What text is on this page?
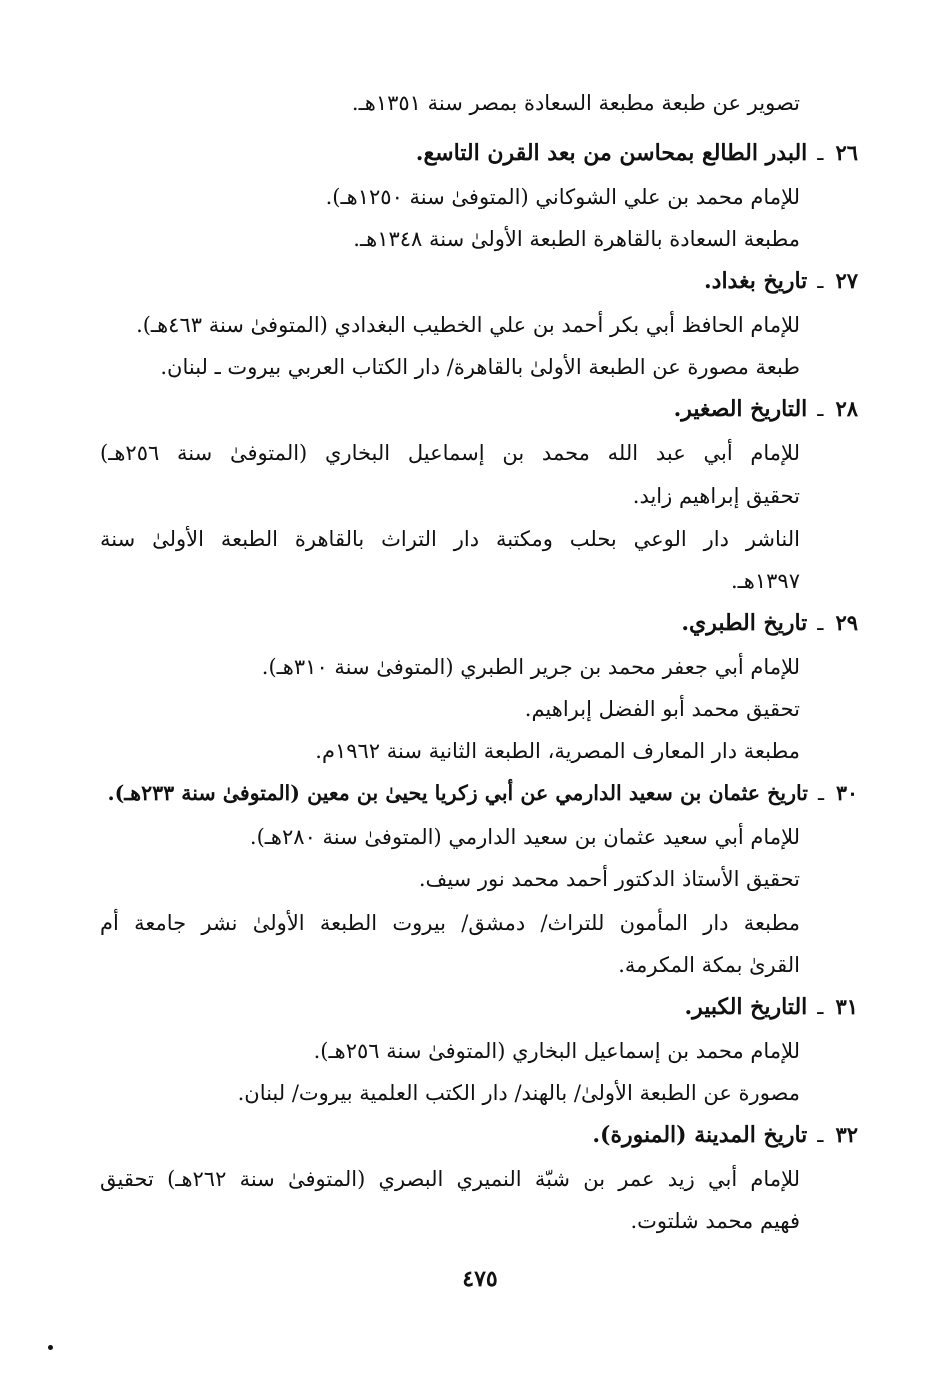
تصوير عن طبعة مطبعة السعادة بمصر سنة ١٣٥١هـ.
٢٦ـالبدر الطالع بمحاسن من بعد القرن التاسع.
للإمام محمد بن علي الشوكاني (المتوفىٰ سنة ١٢٥٠هـ).
مطبعة السعادة بالقاهرة الطبعة الأولىٰ سنة ١٣٤٨هـ.
٢٧ـتاريخ بغداد.
للإمام الحافظ أبي بكر أحمد بن علي الخطيب البغدادي (المتوفىٰ سنة ٤٦٣هـ).
طبعة مصورة عن الطبعة الأولىٰ بالقاهرة/ دار الكتاب العربي بيروت ـ لبنان.
٢٨ـالتاريخ الصغير.
للإمام أبي عبد الله محمد بن إسماعيل البخاري (المتوفىٰ سنة ٢٥٦هـ)
تحقيق إبراهيم زايد.
الناشر دار الوعي بحلب ومكتبة دار التراث بالقاهرة الطبعة الأولىٰ سنة
١٣٩٧هـ.
٢٩ـتاريخ الطبري.
للإمام أبي جعفر محمد بن جرير الطبري (المتوفىٰ سنة ٣١٠هـ).
تحقيق محمد أبو الفضل إبراهيم.
مطبعة دار المعارف المصرية، الطبعة الثانية سنة ١٩٦٢م.
٣٠ـتاريخ عثمان بن سعيد الدارمي عن أبي زكريا يحيىٰ بن معين (المتوفىٰ سنة ٢٣٣هـ).
للإمام أبي سعيد عثمان بن سعيد الدارمي (المتوفىٰ سنة ٢٨٠هـ).
تحقيق الأستاذ الدكتور أحمد محمد نور سيف.
مطبعة دار المأمون للتراث/ دمشق/ بيروت الطبعة الأولىٰ نشر جامعة أم
القرىٰ بمكة المكرمة.
٣١ـالتاريخ الكبير.
للإمام محمد بن إسماعيل البخاري (المتوفىٰ سنة ٢٥٦هـ).
مصورة عن الطبعة الأولىٰ/ بالهند/ دار الكتب العلمية بيروت/ لبنان.
٣٢ـتاريخ المدينة (المنورة).
للإمام أبي زيد عمر بن شبّة النميري البصري (المتوفىٰ سنة ٢٦٢هـ) تحقيق
فهيم محمد شلتوت.
٤٧٥
